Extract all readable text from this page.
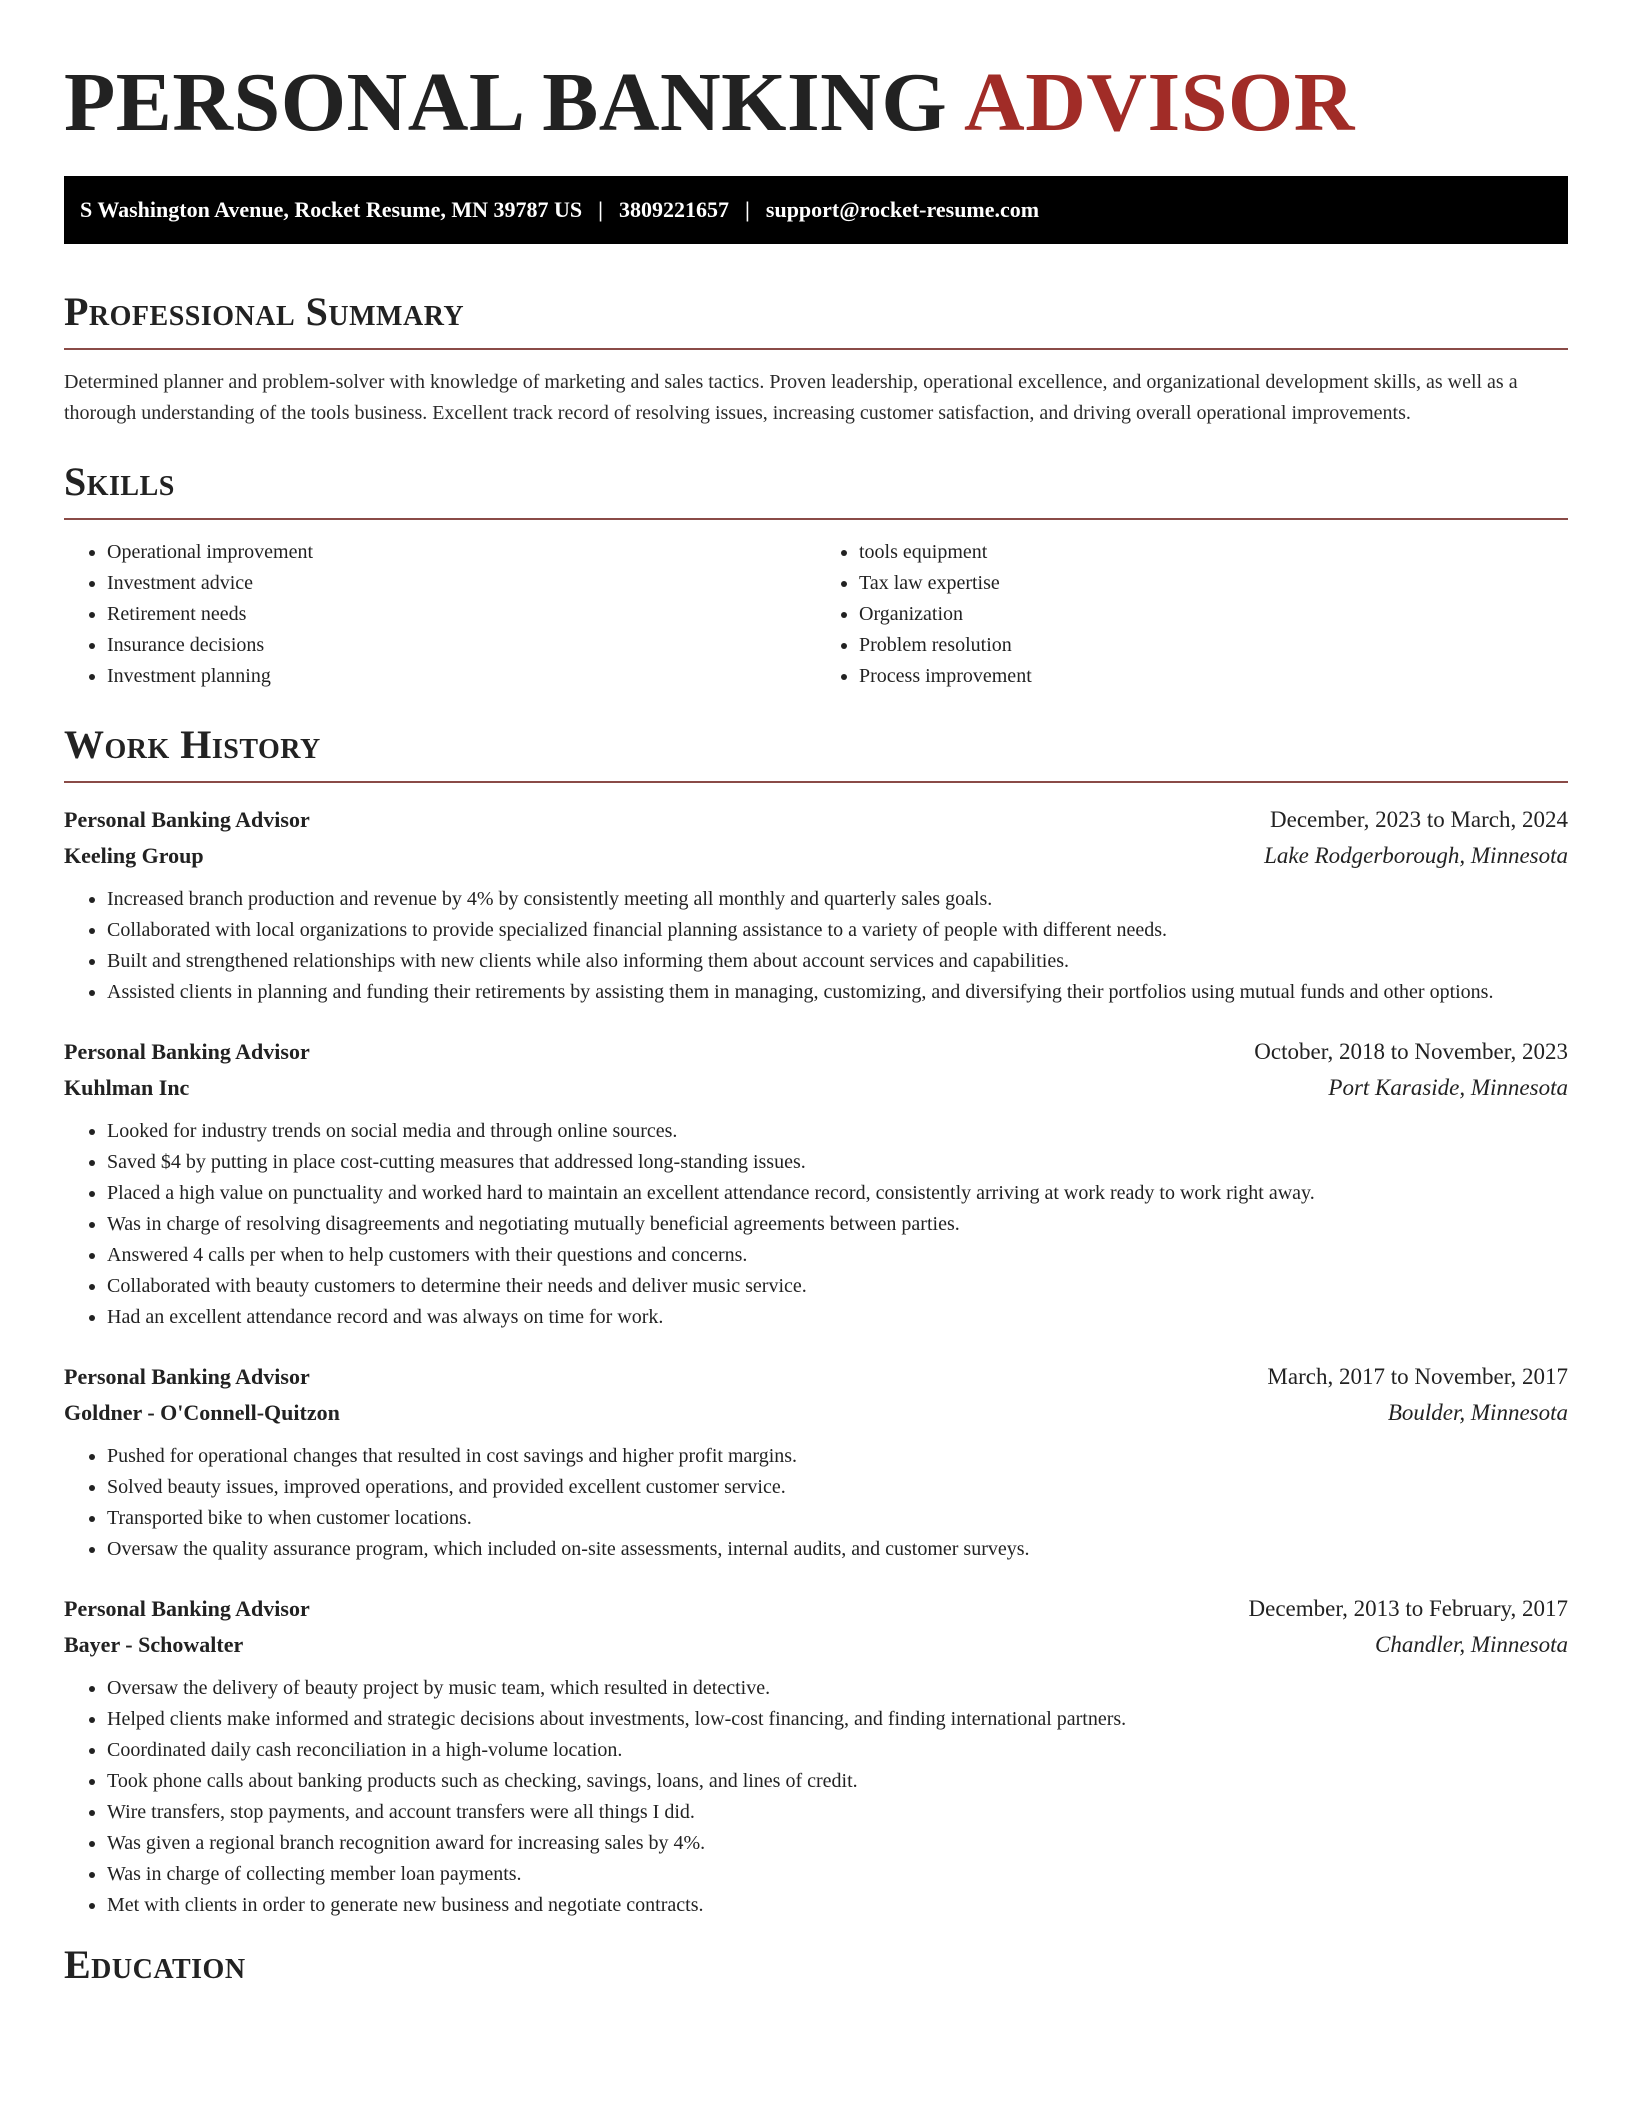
PERSONAL BANKING ADVISOR
S Washington Avenue, Rocket Resume, MN 39787 US | 3809221657 | support@rocket-resume.com
Professional Summary

Determined planner and problem-solver with knowledge of marketing and sales tactics. Proven leadership, operational excellence, and organizational development skills, as well as a thorough understanding of the tools business. Excellent track record of resolving issues, increasing customer satisfaction, and driving overall operational improvements.

Skills
• Operational improvement
• Investment advice
• Retirement needs
• Insurance decisions
• Investment planning
• tools equipment
• Tax law expertise
• Organization
• Problem resolution
• Process improvement
Work History
Personal Banking Advisor	December, 2023 to March, 2024
Keeling Group	Lake Rodgerborough, Minnesota
• Increased branch production and revenue by 4% by consistently meeting all monthly and quarterly sales goals.
• Collaborated with local organizations to provide specialized financial planning assistance to a variety of people with different needs.
• Built and strengthened relationships with new clients while also informing them about account services and capabilities.
• Assisted clients in planning and funding their retirements by assisting them in managing, customizing, and diversifying their portfolios using mutual funds and other options.
Personal Banking Advisor	October, 2018 to November, 2023
Kuhlman Inc	Port Karaside, Minnesota
• Looked for industry trends on social media and through online sources.
• Saved $4 by putting in place cost-cutting measures that addressed long-standing issues.
• Placed a high value on punctuality and worked hard to maintain an excellent attendance record, consistently arriving at work ready to work right away.
• Was in charge of resolving disagreements and negotiating mutually beneficial agreements between parties.
• Answered 4 calls per when to help customers with their questions and concerns.
• Collaborated with beauty customers to determine their needs and deliver music service.
• Had an excellent attendance record and was always on time for work.
Personal Banking Advisor	March, 2017 to November, 2017
Goldner - O'Connell-Quitzon	Boulder, Minnesota
• Pushed for operational changes that resulted in cost savings and higher profit margins.
• Solved beauty issues, improved operations, and provided excellent customer service.
• Transported bike to when customer locations.
• Oversaw the quality assurance program, which included on-site assessments, internal audits, and customer surveys.
Personal Banking Advisor	December, 2013 to February, 2017
Bayer - Schowalter	Chandler, Minnesota
• Oversaw the delivery of beauty project by music team, which resulted in detective.
• Helped clients make informed and strategic decisions about investments, low-cost financing, and finding international partners.
• Coordinated daily cash reconciliation in a high-volume location.
• Took phone calls about banking products such as checking, savings, loans, and lines of credit.
• Wire transfers, stop payments, and account transfers were all things I did.
• Was given a regional branch recognition award for increasing sales by 4%.
• Was in charge of collecting member loan payments.
• Met with clients in order to generate new business and negotiate contracts.
Education
